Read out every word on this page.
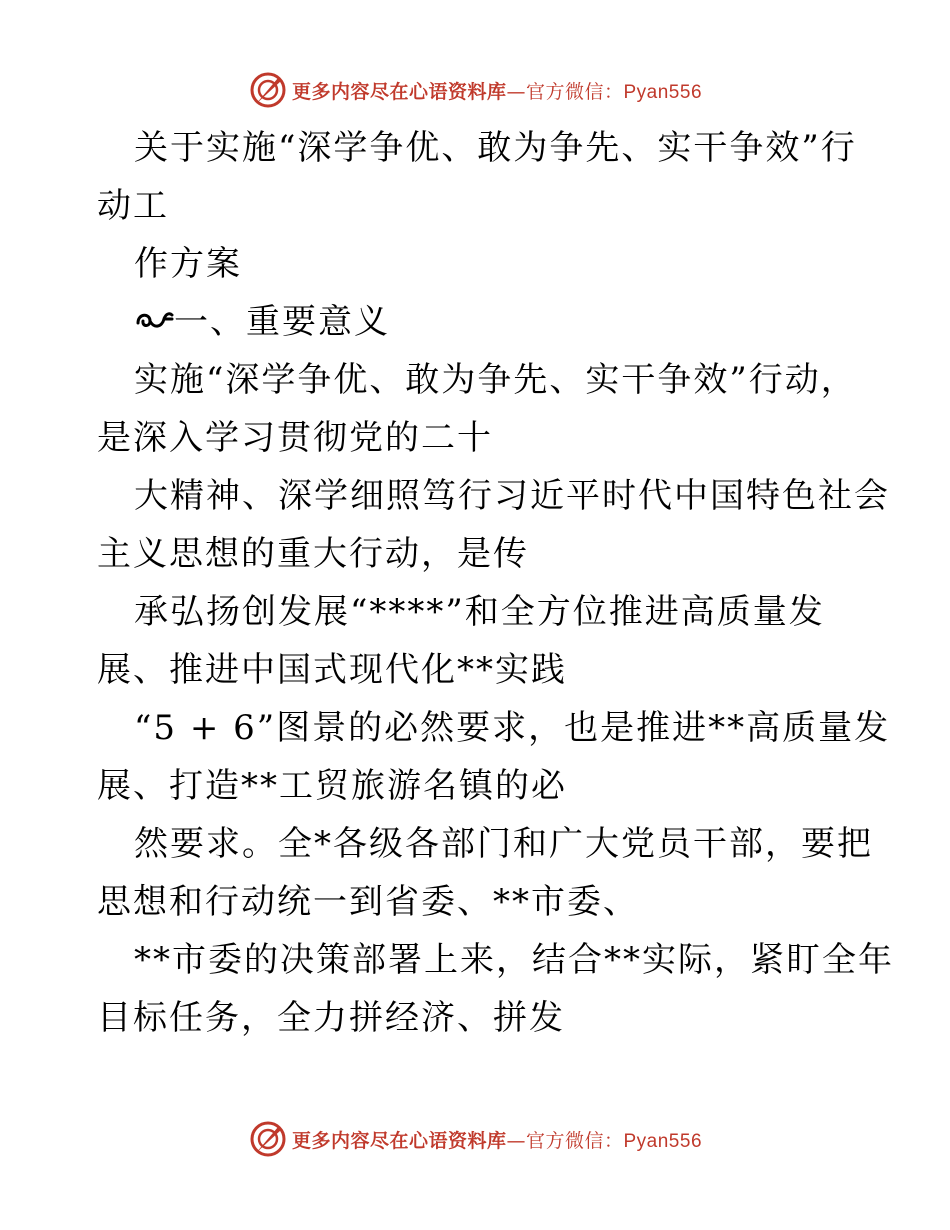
更多内容尽在心语资料库—官方微信：Pyan556
关于实施“深学争优、敢为争先、实干争效”行
动工
作方案
一、重要意义
实施“深学争优、敢为争先、实干争效”行动，
是深入学习贯彻党的二十
大精神、深学细照笃行习近平时代中国特色社会
主义思想的重大行动，是传
承弘扬创发展“****”和全方位推进高质量发
展、推进中国式现代化**实践
“5 + 6”图景的必然要求，也是推进**高质量发
展、打造**工贸旅游名镇的必
然要求。全*各级各部门和广大党员干部，要把
思想和行动统一到省委、**市委、
**市委的决策部署上来，结合**实际，紧盯全年
目标任务，全力拼经济、拼发
更多内容尽在心语资料库—官方微信：Pyan556
